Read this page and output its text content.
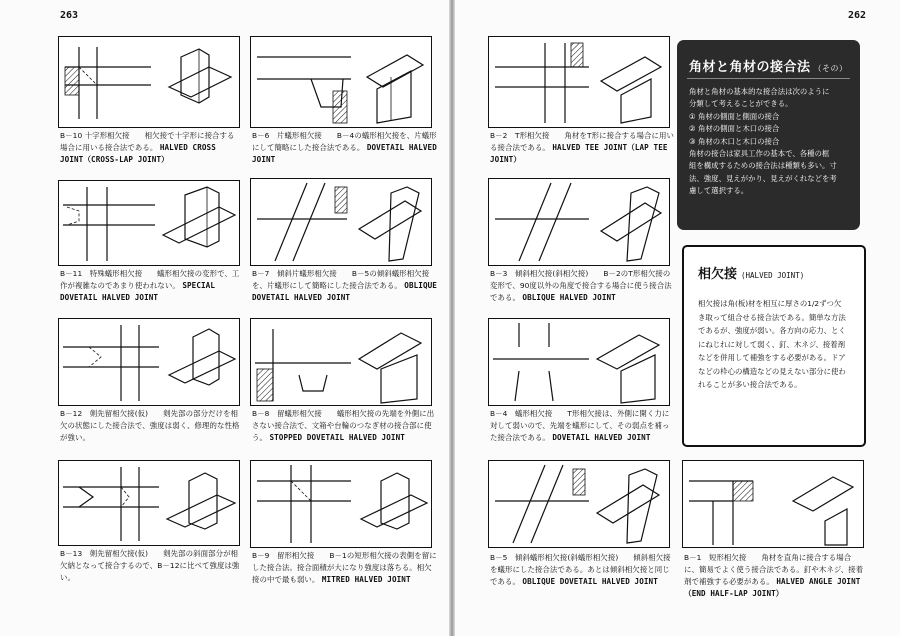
263	262
B－10 十字形相欠接　　相欠接で十字形に接合する場合に用いる接合法である。 HALVED CROSS JOINT（CROSS-LAP JOINT）
B－11　特殊蟻形相欠接　　蟻形相欠接の変形で、工作が複雑なのであまり使われない。 SPECIAL DOVETAIL HALVED JOINT
B－12　剣先留相欠接(仮)　　剣先部の部分だけを相欠の状態にした接合法で、強度は弱く、修理的な性格が強い。
B－13　剣先留相欠接(仮)　　剣先部の斜面部分が相欠納となって接合するので、B－12に比べて強度は強い。
B－6　片蟻形相欠接　　B－4の蟻形相欠接を、片蟻形にして簡略にした接合法である。 DOVETAIL HALVED JOINT
B－7　傾斜片蟻形相欠接　　B－5の傾斜蟻形相欠接を、片蟻形にして簡略にした接合法である。 OBLIQUE DOVETAIL HALVED JOINT
B－8　留蟻形相欠接　　蟻形相欠接の先端を外側に出さない接合法で、文箱や台輪のつなぎ材の接合部に使う。 STOPPED DOVETAIL HALVED JOINT
B－9　留形相欠接　　B－1の短形相欠接の表側を留にした接合法。接合面積が大になり強度は落ちる。相欠接の中で最も弱い。 MITRED HALVED JOINT
B－2　T形相欠接　　角材をT形に接合する場合に用いる接合法である。 HALVED TEE JOINT（LAP TEE JOINT）
B－3　傾斜相欠接(斜相欠接)　　B－2のT形相欠接の変形で、90度以外の角度で接合する場合に使う接合法である。 OBLIQUE HALVED JOINT
B－4　蟻形相欠接　　T形相欠接は、外側に開く力に対して弱いので、先端を蟻形にして、その弱点を補った接合法である。 DOVETAIL HALVED JOINT
B－5　傾斜蟻形相欠接(斜蟻形相欠接)　　傾斜相欠接を蟻形にした接合法である。あとは傾斜相欠接と同じである。 OBLIQUE DOVETAIL HALVED JOINT
角材と角材の接合法 （その）
角材と角材の基本的な接合法は次のように
分類して考えることができる。
① 角材の側面と側面の接合
② 角材の側面と木口の接合
③ 角材の木口と木口の接合
角材の接合は家具工作の基本で、各種の框
組を構成するための接合法は種類も多い。寸
法、強度、見えがかり、見えがくれなどを考
慮して選択する。
相欠接 (HALVED JOINT)
相欠接は角(板)材を相互に厚さの1/2ずつ欠
き取って組合せる接合法である。簡単な方法
であるが、強度が弱い。各方向の応力、とく
にねじれに対して弱く、釘、木ネジ、接着剤
などを併用して補強をする必要がある。ドア
などの枠心の構造などの見えない部分に使わ
れることが多い接合法である。
B－1　短形相欠接　　角材を直角に接合する場合に、簡易でよく使う接合法である。釘や木ネジ、接着剤で補強する必要がある。 HALVED ANGLE JOINT（END HALF-LAP JOINT）
